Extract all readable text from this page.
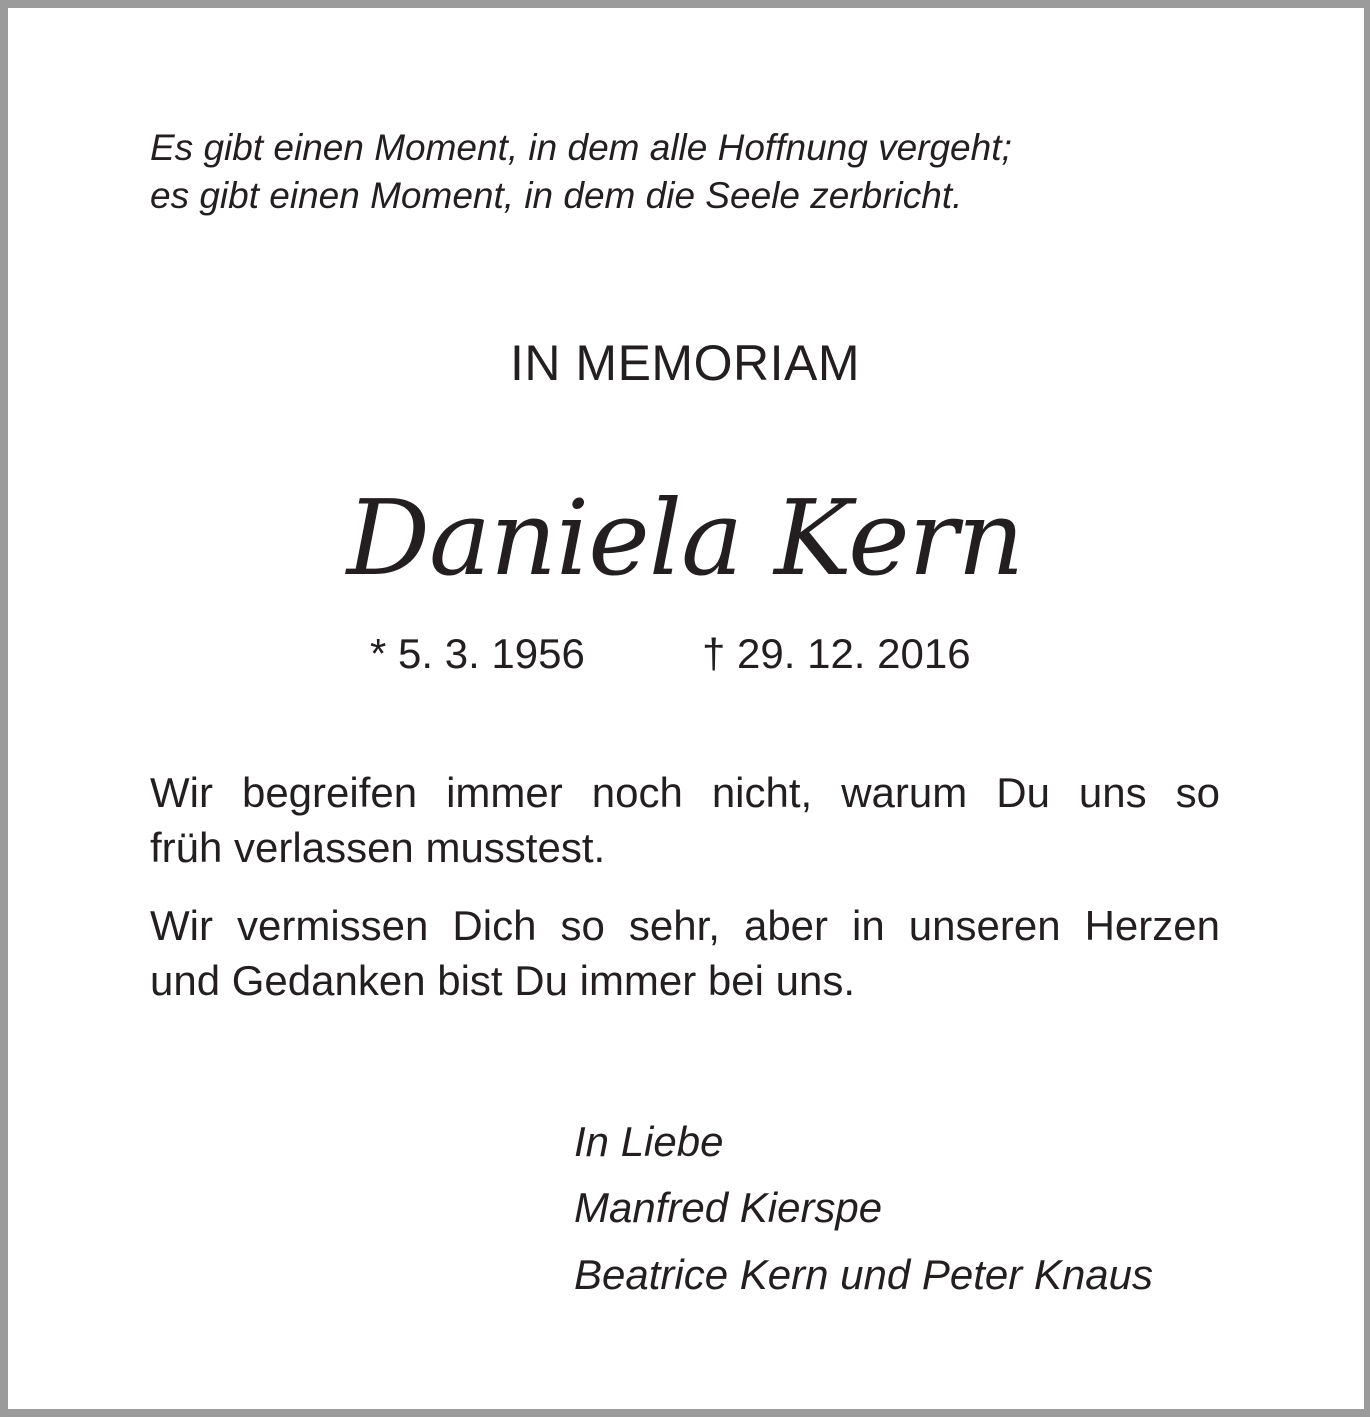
Es gibt einen Moment, in dem alle Hoffnung vergeht;
es gibt einen Moment, in dem die Seele zerbricht.
IN MEMORIAM
Daniela Kern
* 5. 3. 1956	† 29. 12. 2016

Wir begreifen immer noch nicht, warum Du uns so
früh verlassen musstest.

Wir vermissen Dich so sehr, aber in unseren Herzen
und Gedanken bist Du immer bei uns.

In Liebe
Manfred Kierspe
Beatrice Kern und Peter Knaus
